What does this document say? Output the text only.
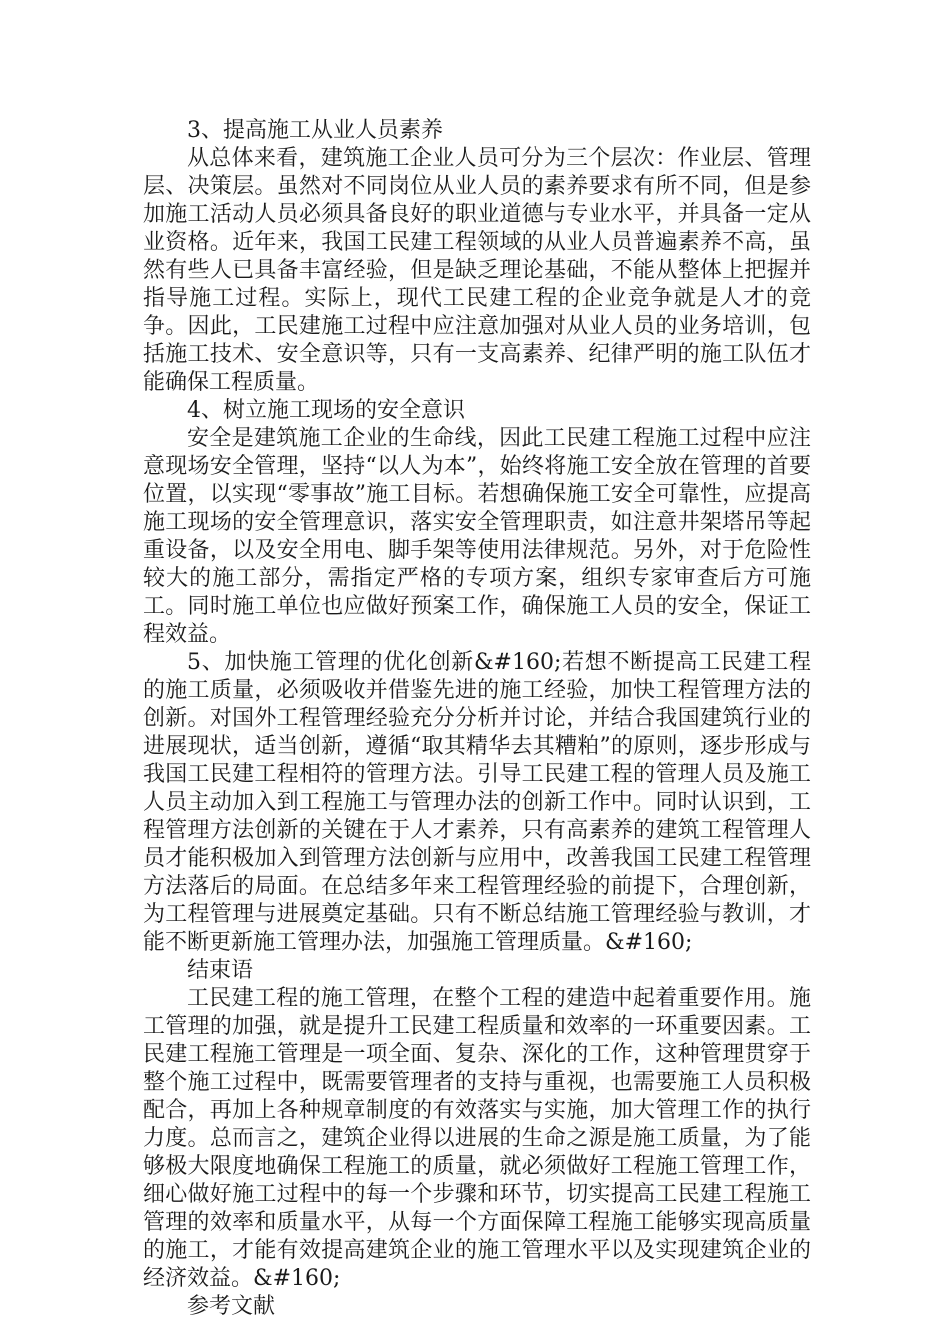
3、提高施工从业人员素养

从总体来看，建筑施工企业人员可分为三个层次：作业层、管理层、决策层。虽然对不同岗位从业人员的素养要求有所不同，但是参加施工活动人员必须具备良好的职业道德与专业水平，并具备一定从业资格。近年来，我国工民建工程领域的从业人员普遍素养不高，虽然有些人已具备丰富经验，但是缺乏理论基础，不能从整体上把握并指导施工过程。实际上，现代工民建工程的企业竞争就是人才的竞争。因此，工民建施工过程中应注意加强对从业人员的业务培训，包括施工技术、安全意识等，只有一支高素养、纪律严明的施工队伍才能确保工程质量。

4、树立施工现场的安全意识

安全是建筑施工企业的生命线，因此工民建工程施工过程中应注意现场安全管理，坚持“以人为本”，始终将施工安全放在管理的首要位置，以实现“零事故”施工目标。若想确保施工安全可靠性，应提高施工现场的安全管理意识，落实安全管理职责，如注意井架塔吊等起重设备，以及安全用电、脚手架等使用法律规范。另外，对于危险性较大的施工部分，需指定严格的专项方案，组织专家审查后方可施工。同时施工单位也应做好预案工作，确保施工人员的安全，保证工程效益。

5、加快施工管理的优化创新&#160;若想不断提高工民建工程的施工质量，必须吸收并借鉴先进的施工经验，加快工程管理方法的创新。对国外工程管理经验充分分析并讨论，并结合我国建筑行业的进展现状，适当创新，遵循“取其精华去其糟粕”的原则，逐步形成与我国工民建工程相符的管理方法。引导工民建工程的管理人员及施工人员主动加入到工程施工与管理办法的创新工作中。同时认识到，工程管理方法创新的关键在于人才素养，只有高素养的建筑工程管理人员才能积极加入到管理方法创新与应用中，改善我国工民建工程管理方法落后的局面。在总结多年来工程管理经验的前提下，合理创新，为工程管理与进展奠定基础。只有不断总结施工管理经验与教训，才能不断更新施工管理办法，加强施工管理质量。&#160;

结束语

工民建工程的施工管理，在整个工程的建造中起着重要作用。施工管理的加强，就是提升工民建工程质量和效率的一环重要因素。工民建工程施工管理是一项全面、复杂、深化的工作，这种管理贯穿于整个施工过程中，既需要管理者的支持与重视，也需要施工人员积极配合，再加上各种规章制度的有效落实与实施，加大管理工作的执行力度。总而言之，建筑企业得以进展的生命之源是施工质量，为了能够极大限度地确保工程施工的质量，就必须做好工程施工管理工作，细心做好施工过程中的每一个步骤和环节，切实提高工民建工程施工管理的效率和质量水平，从每一个方面保障工程施工能够实现高质量的施工，才能有效提高建筑企业的施工管理水平以及实现建筑企业的经济效益。&#160;

参考文献
